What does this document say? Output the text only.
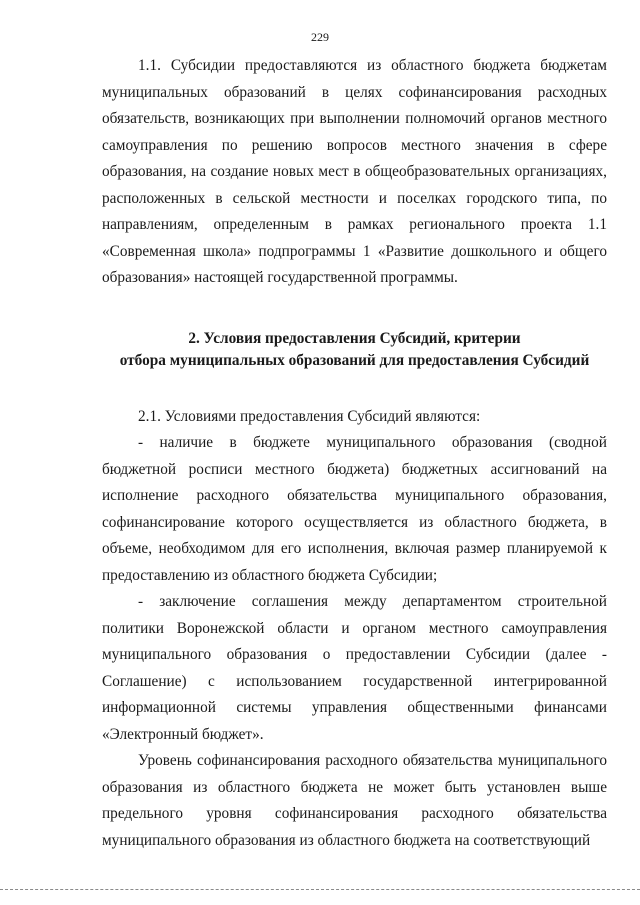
229

1.1. Субсидии предоставляются из областного бюджета бюджетам муниципальных образований в целях софинансирования расходных обязательств, возникающих при выполнении полномочий органов местного самоуправления по решению вопросов местного значения в сфере образования, на создание новых мест в общеобразовательных организациях, расположенных в сельской местности и поселках городского типа, по направлениям, определенным в рамках регионального проекта 1.1 «Современная школа» подпрограммы 1 «Развитие дошкольного и общего образования» настоящей государственной программы.

2. Условия предоставления Субсидий, критерии
отбора муниципальных образований для предоставления Субсидий

2.1. Условиями предоставления Субсидий являются:

- наличие в бюджете муниципального образования (сводной бюджетной росписи местного бюджета) бюджетных ассигнований на исполнение расходного обязательства муниципального образования, софинансирование которого осуществляется из областного бюджета, в объеме, необходимом для его исполнения, включая размер планируемой к предоставлению из областного бюджета Субсидии;

- заключение соглашения между департаментом строительной политики Воронежской области и органом местного самоуправления муниципального образования о предоставлении Субсидии (далее - Соглашение) с использованием государственной интегрированной информационной системы управления общественными финансами «Электронный бюджет».

Уровень софинансирования расходного обязательства муниципального образования из областного бюджета не может быть установлен выше предельного уровня софинансирования расходного обязательства муниципального образования из областного бюджета на соответствующий
